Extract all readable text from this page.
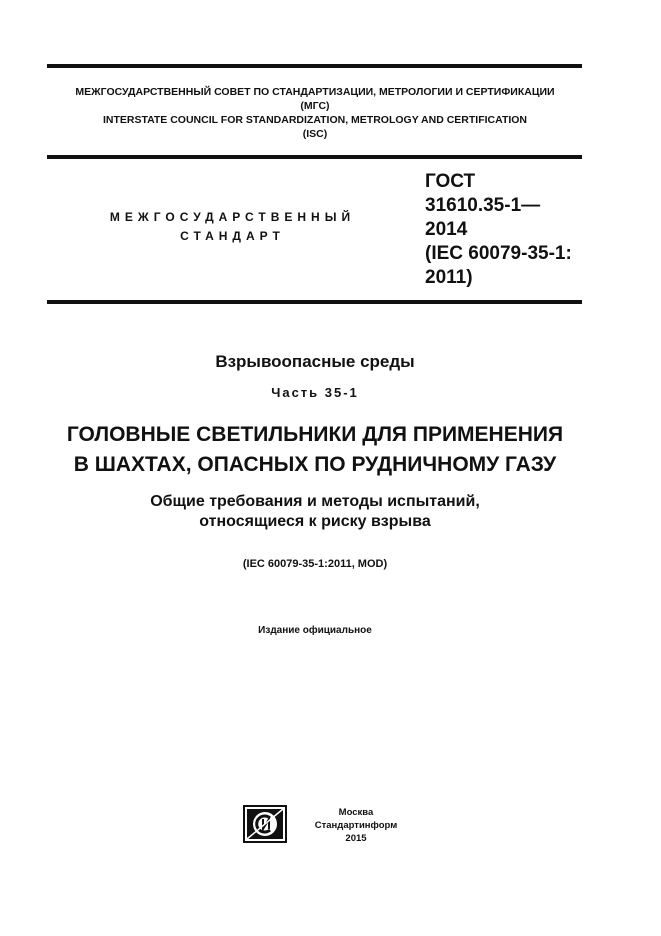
МЕЖГОСУДАРСТВЕННЫЙ СОВЕТ ПО СТАНДАРТИЗАЦИИ, МЕТРОЛОГИИ И СЕРТИФИКАЦИИ
(МГС)
INTERSTATE COUNCIL FOR STANDARDIZATION, METROLOGY AND CERTIFICATION
(ISC)
МЕЖГОСУДАРСТВЕННЫЙ
СТАНДАРТ
ГОСТ
31610.35-1—
2014
(IEC 60079-35-1:
2011)
Взрывоопасные среды
Часть 35-1
ГОЛОВНЫЕ СВЕТИЛЬНИКИ ДЛЯ ПРИМЕНЕНИЯ
В ШАХТАХ, ОПАСНЫХ ПО РУДНИЧНОМУ ГАЗУ
Общие требования и методы испытаний,
относящиеся к риску взрыва
(IEC 60079-35-1:2011, MOD)
Издание официальное
Москва
Стандартинформ
2015
